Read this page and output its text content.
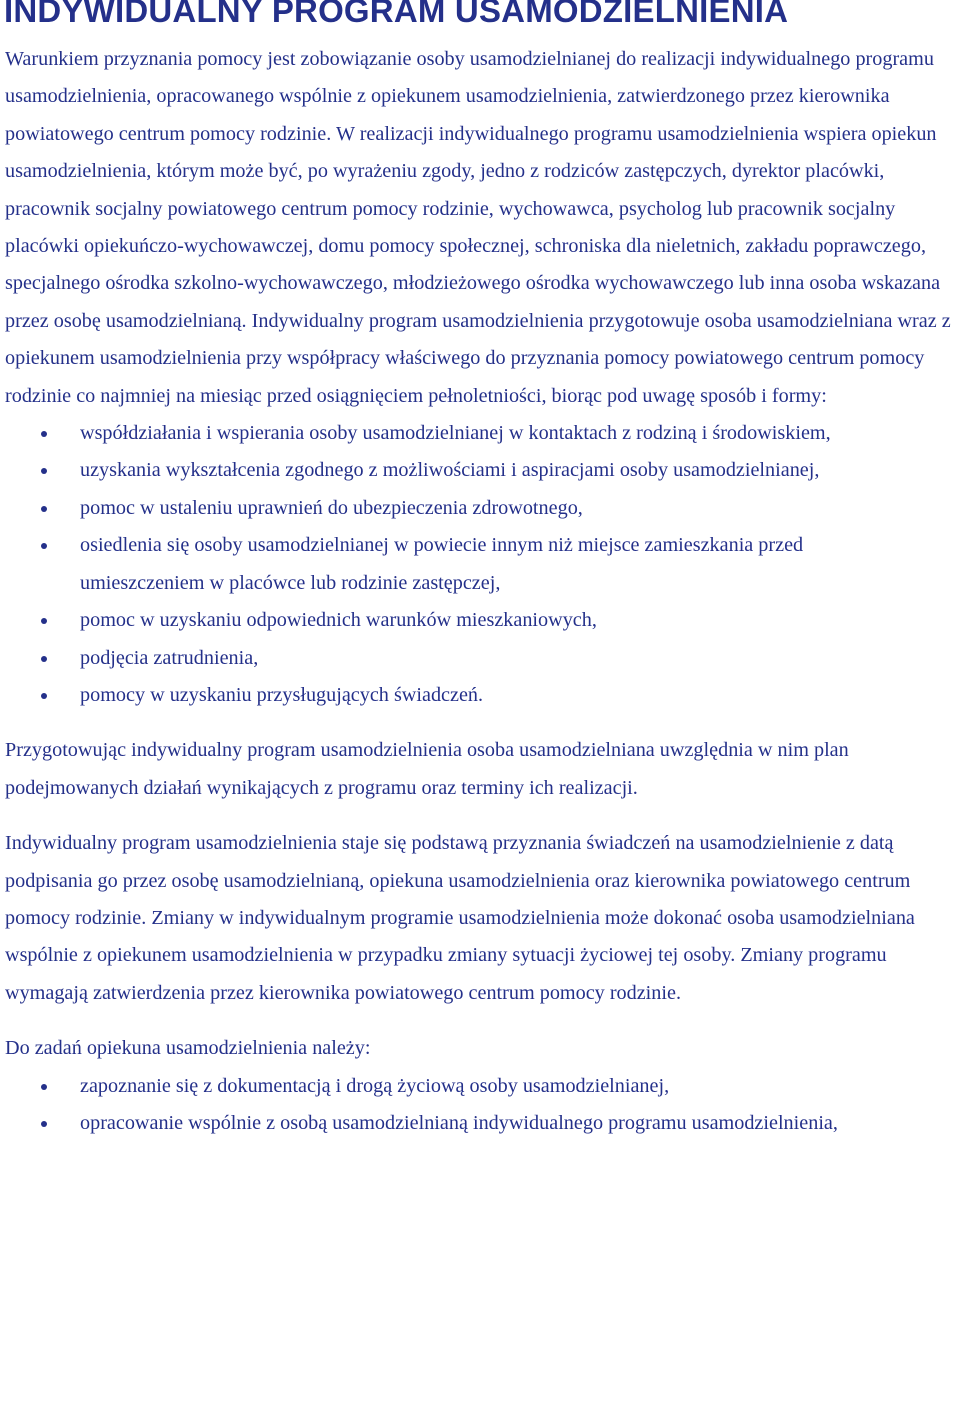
INDYWIDUALNY PROGRAM USAMODZIELNIENIA

Warunkiem przyznania pomocy jest zobowiązanie osoby usamodzielnianej do realizacji indywidualnego programu usamodzielnienia, opracowanego wspólnie z opiekunem usamodzielnienia, zatwierdzonego przez kierownika powiatowego centrum pomocy rodzinie. W realizacji indywidualnego programu usamodzielnienia wspiera opiekun usamodzielnienia, którym może być, po wyrażeniu zgody, jedno z rodziców zastępczych, dyrektor placówki, pracownik socjalny powiatowego centrum pomocy rodzinie, wychowawca, psycholog lub pracownik socjalny placówki opiekuńczo-wychowawczej, domu pomocy społecznej, schroniska dla nieletnich, zakładu poprawczego, specjalnego ośrodka szkolno-wychowawczego, młodzieżowego ośrodka wychowawczego lub inna osoba wskazana przez osobę usamodzielnianą. Indywidualny program usamodzielnienia przygotowuje osoba usamodzielniana wraz z opiekunem usamodzielnienia przy współpracy właściwego do przyznania pomocy powiatowego centrum pomocy rodzinie co najmniej na miesiąc przed osiągnięciem pełnoletniości, biorąc pod uwagę sposób i formy:

współdziałania i wspierania osoby usamodzielnianej w kontaktach z rodziną i środowiskiem,
uzyskania wykształcenia zgodnego z możliwościami i aspiracjami osoby usamodzielnianej,
pomoc w ustaleniu uprawnień do ubezpieczenia zdrowotnego,
osiedlenia się osoby usamodzielnianej w powiecie innym niż miejsce zamieszkania przed umieszczeniem w placówce lub rodzinie zastępczej,
pomoc w uzyskaniu odpowiednich warunków mieszkaniowych,
podjęcia zatrudnienia,
pomocy w uzyskaniu przysługujących świadczeń.

Przygotowując indywidualny program usamodzielnienia osoba usamodzielniana uwzględnia w nim plan podejmowanych działań wynikających z programu oraz terminy ich realizacji.

Indywidualny program usamodzielnienia staje się podstawą przyznania świadczeń na usamodzielnienie z datą podpisania go przez osobę usamodzielnianą, opiekuna usamodzielnienia oraz kierownika powiatowego centrum pomocy rodzinie. Zmiany w indywidualnym programie usamodzielnienia może dokonać osoba usamodzielniana wspólnie z opiekunem usamodzielnienia w przypadku zmiany sytuacji życiowej tej osoby. Zmiany programu wymagają zatwierdzenia przez kierownika powiatowego centrum pomocy rodzinie.

Do zadań opiekuna usamodzielnienia należy:

zapoznanie się z dokumentacją i drogą życiową osoby usamodzielnianej,
opracowanie wspólnie z osobą usamodzielnianą indywidualnego programu usamodzielnienia,
